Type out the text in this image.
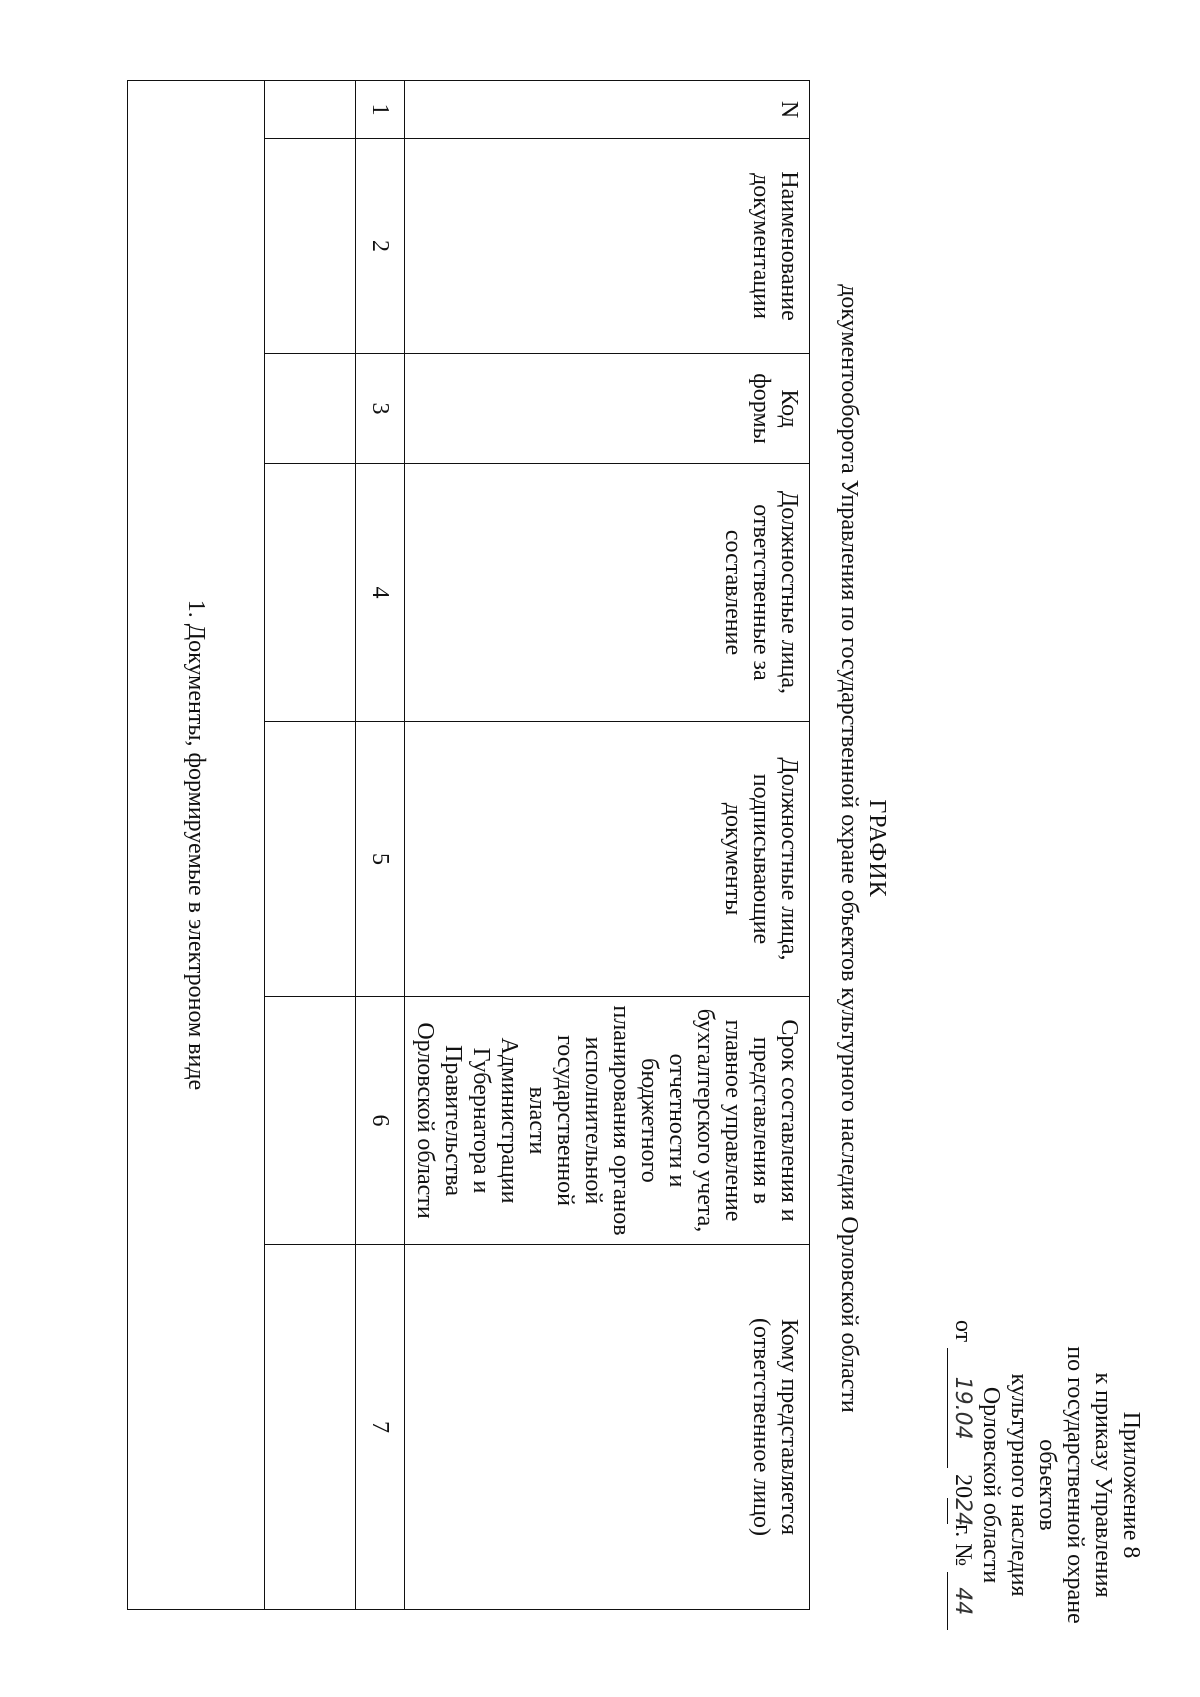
Приложение 8
к приказу Управления
по государственной охране объектов
культурного наследия Орловской области
от 19.04 2024г. № 44
ГРАФИК
документооборота Управления по государственной охране объектов культурного наследия Орловской области
N	Наименование документации	Код формы	Должностные лица, ответственные за составление	Должностные лица, подписывающие документы	Срок составления и представления в главное управление бухгалтерского учета, отчетности и бюджетного планирования органов исполнительной государственной власти Администрации Губернатора и Правительства Орловской области	Кому представляется (ответственное лицо)
1	2	3	4	5	6	7

1. Документы, формируемые в электроном виде						
